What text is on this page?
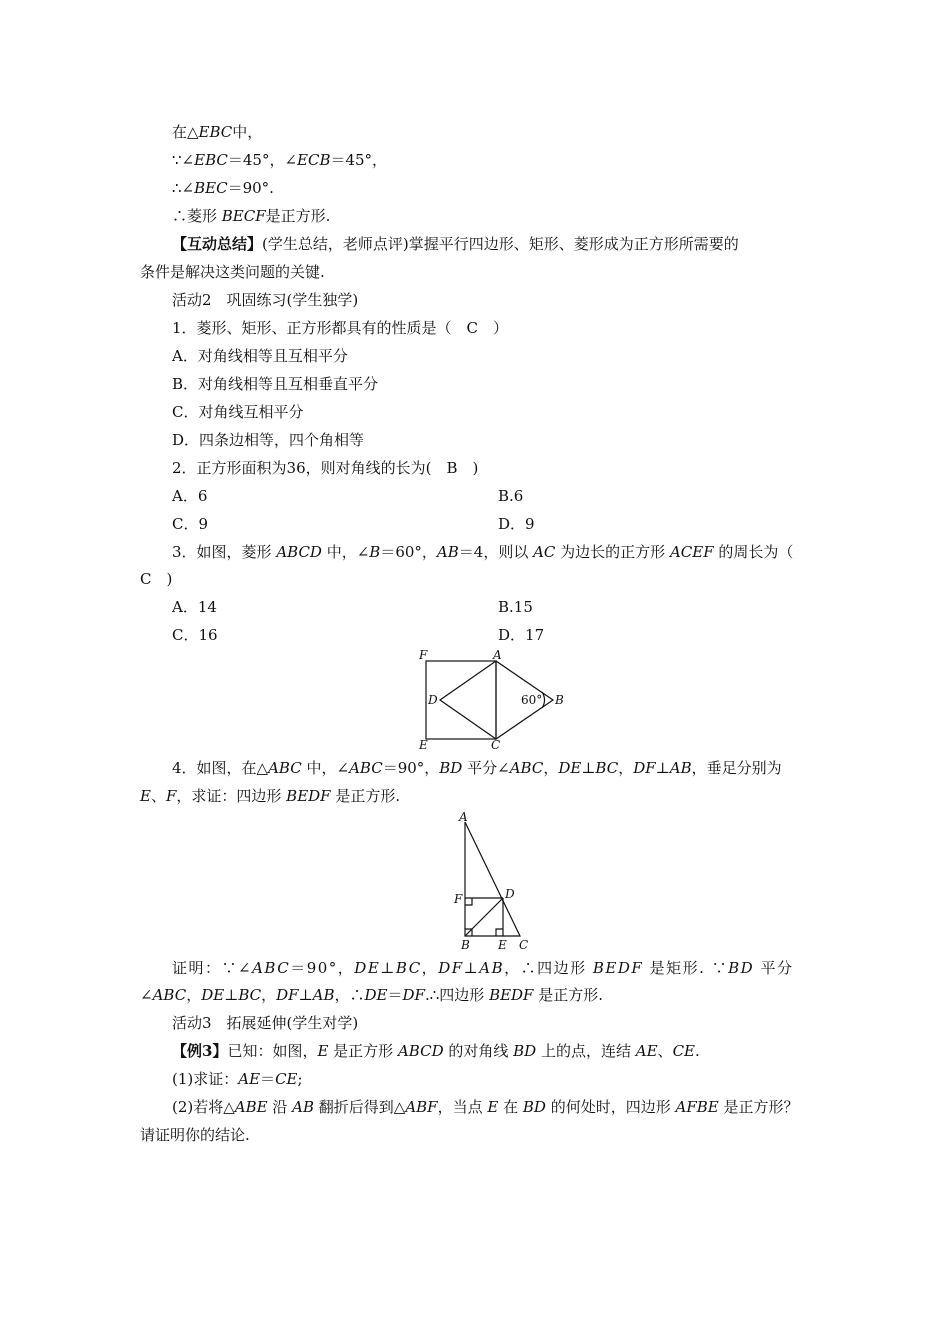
在△EBC中，
∵∠EBC＝45°，∠ECB＝45°，
∴∠BEC＝90°.
∴菱形 BECF是正方形.
【互动总结】(学生总结，老师点评)掌握平行四边形、矩形、菱形成为正方形所需要的
条件是解决这类问题的关键.
活动2　巩固练习(学生独学)
1．菱形、矩形、正方形都具有的性质是（　C　）
A．对角线相等且互相平分
B．对角线相等且互相垂直平分
C．对角线互相平分
D．四条边相等，四个角相等
2．正方形面积为36，则对角线的长为(　B　)
A．6	B.6
C．9	D．9
3．如图，菱形 ABCD 中，∠B＝60°，AB＝4，则以 AC 为边长的正方形 ACEF 的周长为（
C　)
A．14	B.15
C．16	D．17
F	A
D	60° B
E	C
4．如图，在△ABC 中，∠ABC＝90°，BD 平分∠ABC，DE⊥BC，DF⊥AB，垂足分别为
E、F，求证：四边形 BEDF 是正方形.
A
F	D
B E C
证明：∵∠ABC＝90°，DE⊥BC，DF⊥AB，∴四边形 BEDF 是矩形. ∵BD 平分
∠ABC，DE⊥BC，DF⊥AB，∴DE＝DF.∴四边形 BEDF 是正方形.
活动3　拓展延伸(学生对学)
【例3】已知：如图，E 是正方形 ABCD 的对角线 BD 上的点，连结 AE、CE.
(1)求证：AE＝CE;
(2)若将△ABE 沿 AB 翻折后得到△ABF，当点 E 在 BD 的何处时，四边形 AFBE 是正方形？
请证明你的结论.
